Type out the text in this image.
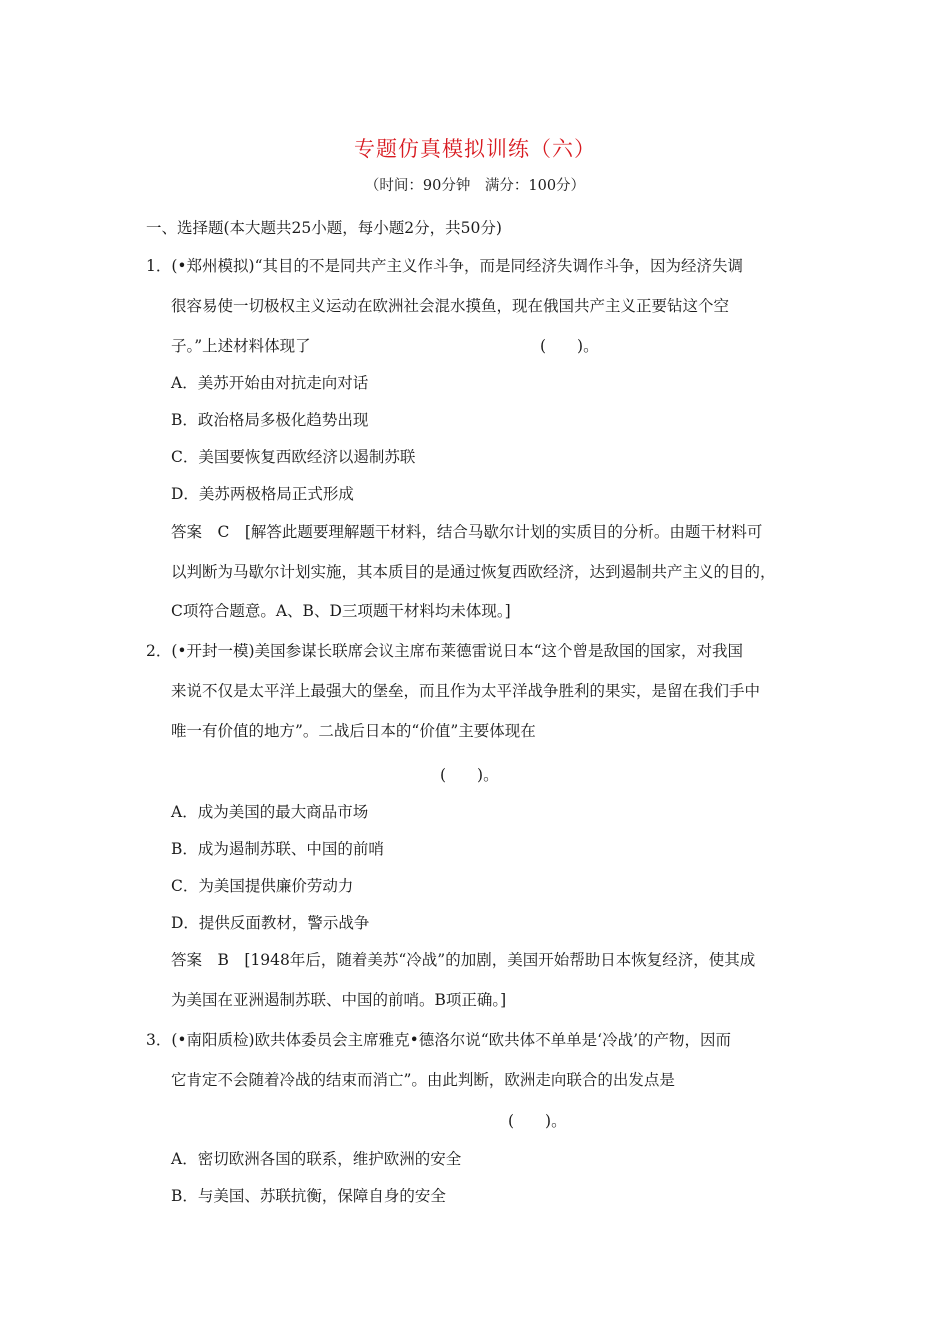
专题仿真模拟训练（六）
（时间：90分钟　满分：100分）
一、选择题(本大题共25小题，每小题2分，共50分)
1．(•郑州模拟)“其目的不是同共产主义作斗争，而是同经济失调作斗争，因为经济失调
很容易使一切极权主义运动在欧洲社会混水摸鱼，现在俄国共产主义正要钻这个空
子。”上述材料体现了	(　　)。
A．美苏开始由对抗走向对话
B．政治格局多极化趋势出现
C．美国要恢复西欧经济以遏制苏联
D．美苏两极格局正式形成
答案　C　[解答此题要理解题干材料，结合马歇尔计划的实质目的分析。由题干材料可
以判断为马歇尔计划实施，其本质目的是通过恢复西欧经济，达到遏制共产主义的目的，
C项符合题意。A、B、D三项题干材料均未体现。]
2．(•开封一模)美国参谋长联席会议主席布莱德雷说日本“这个曾是敌国的国家，对我国
来说不仅是太平洋上最强大的堡垒，而且作为太平洋战争胜利的果实，是留在我们手中
唯一有价值的地方”。二战后日本的“价值”主要体现在
(　　)。
A．成为美国的最大商品市场
B．成为遏制苏联、中国的前哨
C．为美国提供廉价劳动力
D．提供反面教材，警示战争
答案　B　[1948年后，随着美苏“冷战”的加剧，美国开始帮助日本恢复经济，使其成
为美国在亚洲遏制苏联、中国的前哨。B项正确。]
3．(•南阳质检)欧共体委员会主席雅克•德洛尔说“欧共体不单单是‘冷战’的产物，因而
它肯定不会随着冷战的结束而消亡”。由此判断，欧洲走向联合的出发点是
(　　)。
A．密切欧洲各国的联系，维护欧洲的安全
B．与美国、苏联抗衡，保障自身的安全
